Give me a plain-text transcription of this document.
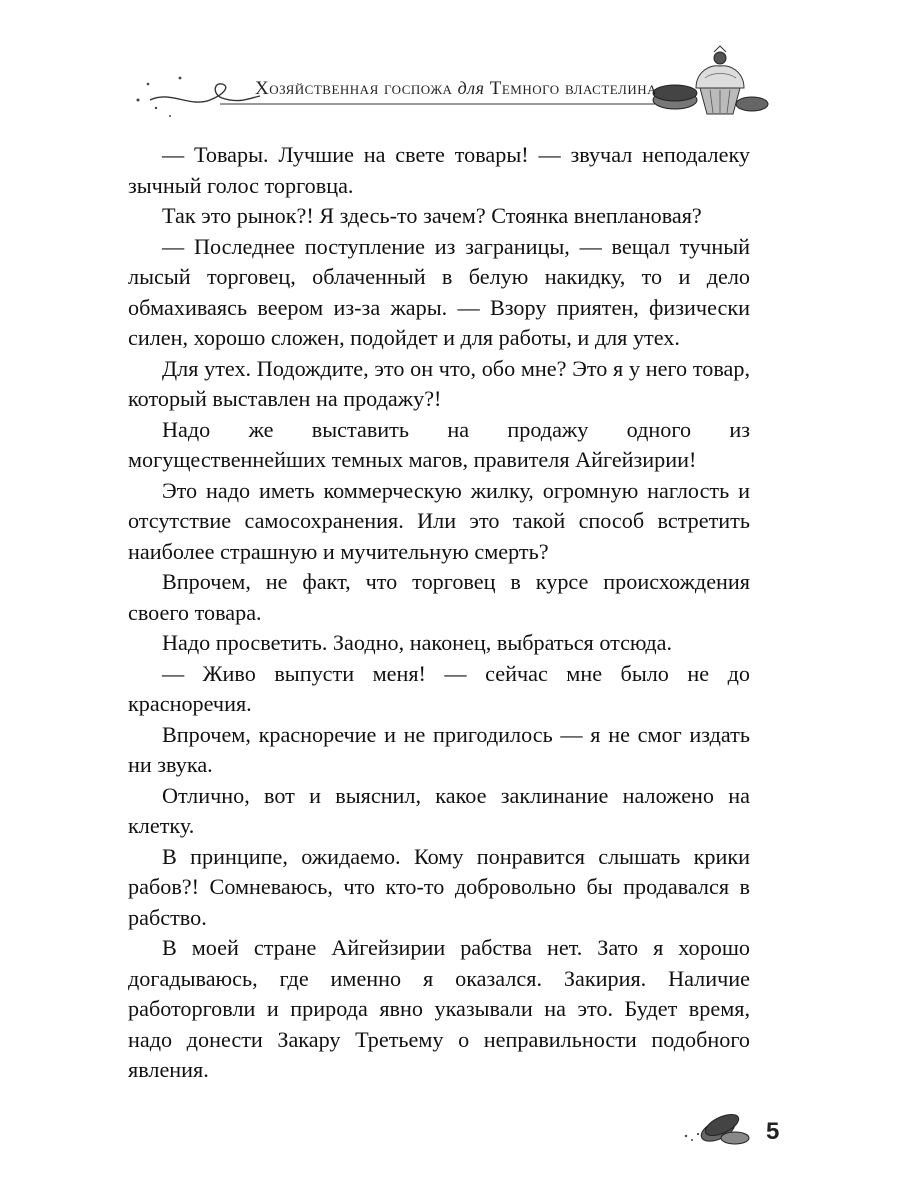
Хозяйственная госпожа для Темного властелина

— Товары. Лучшие на свете товары! — звучал неподалеку зычный голос торговца.

Так это рынок?! Я здесь-то зачем? Стоянка внеплановая?

— Последнее поступление из заграницы, — вещал тучный лысый торговец, облаченный в белую накидку, то и дело обмахиваясь веером из-за жары. — Взору приятен, физически силен, хорошо сложен, подойдет и для работы, и для утех.

Для утех. Подождите, это он что, обо мне? Это я у него товар, который выставлен на продажу?!

Надо же выставить на продажу одного из могущественнейших темных магов, правителя Айгейзирии!

Это надо иметь коммерческую жилку, огромную наглость и отсутствие самосохранения. Или это такой способ встретить наиболее страшную и мучительную смерть?

Впрочем, не факт, что торговец в курсе происхождения своего товара.

Надо просветить. Заодно, наконец, выбраться отсюда.

— Живо выпусти меня! — сейчас мне было не до красноречия.

Впрочем, красноречие и не пригодилось — я не смог издать ни звука.

Отлично, вот и выяснил, какое заклинание наложено на клетку.

В принципе, ожидаемо. Кому понравится слышать крики рабов?! Сомневаюсь, что кто-то добровольно бы продавался в рабство.

В моей стране Айгейзирии рабства нет. Зато я хорошо догадываюсь, где именно я оказался. Закирия. Наличие работорговли и природа явно указывали на это. Будет время, надо донести Закару Третьему о неправильности подобного явления.

5
